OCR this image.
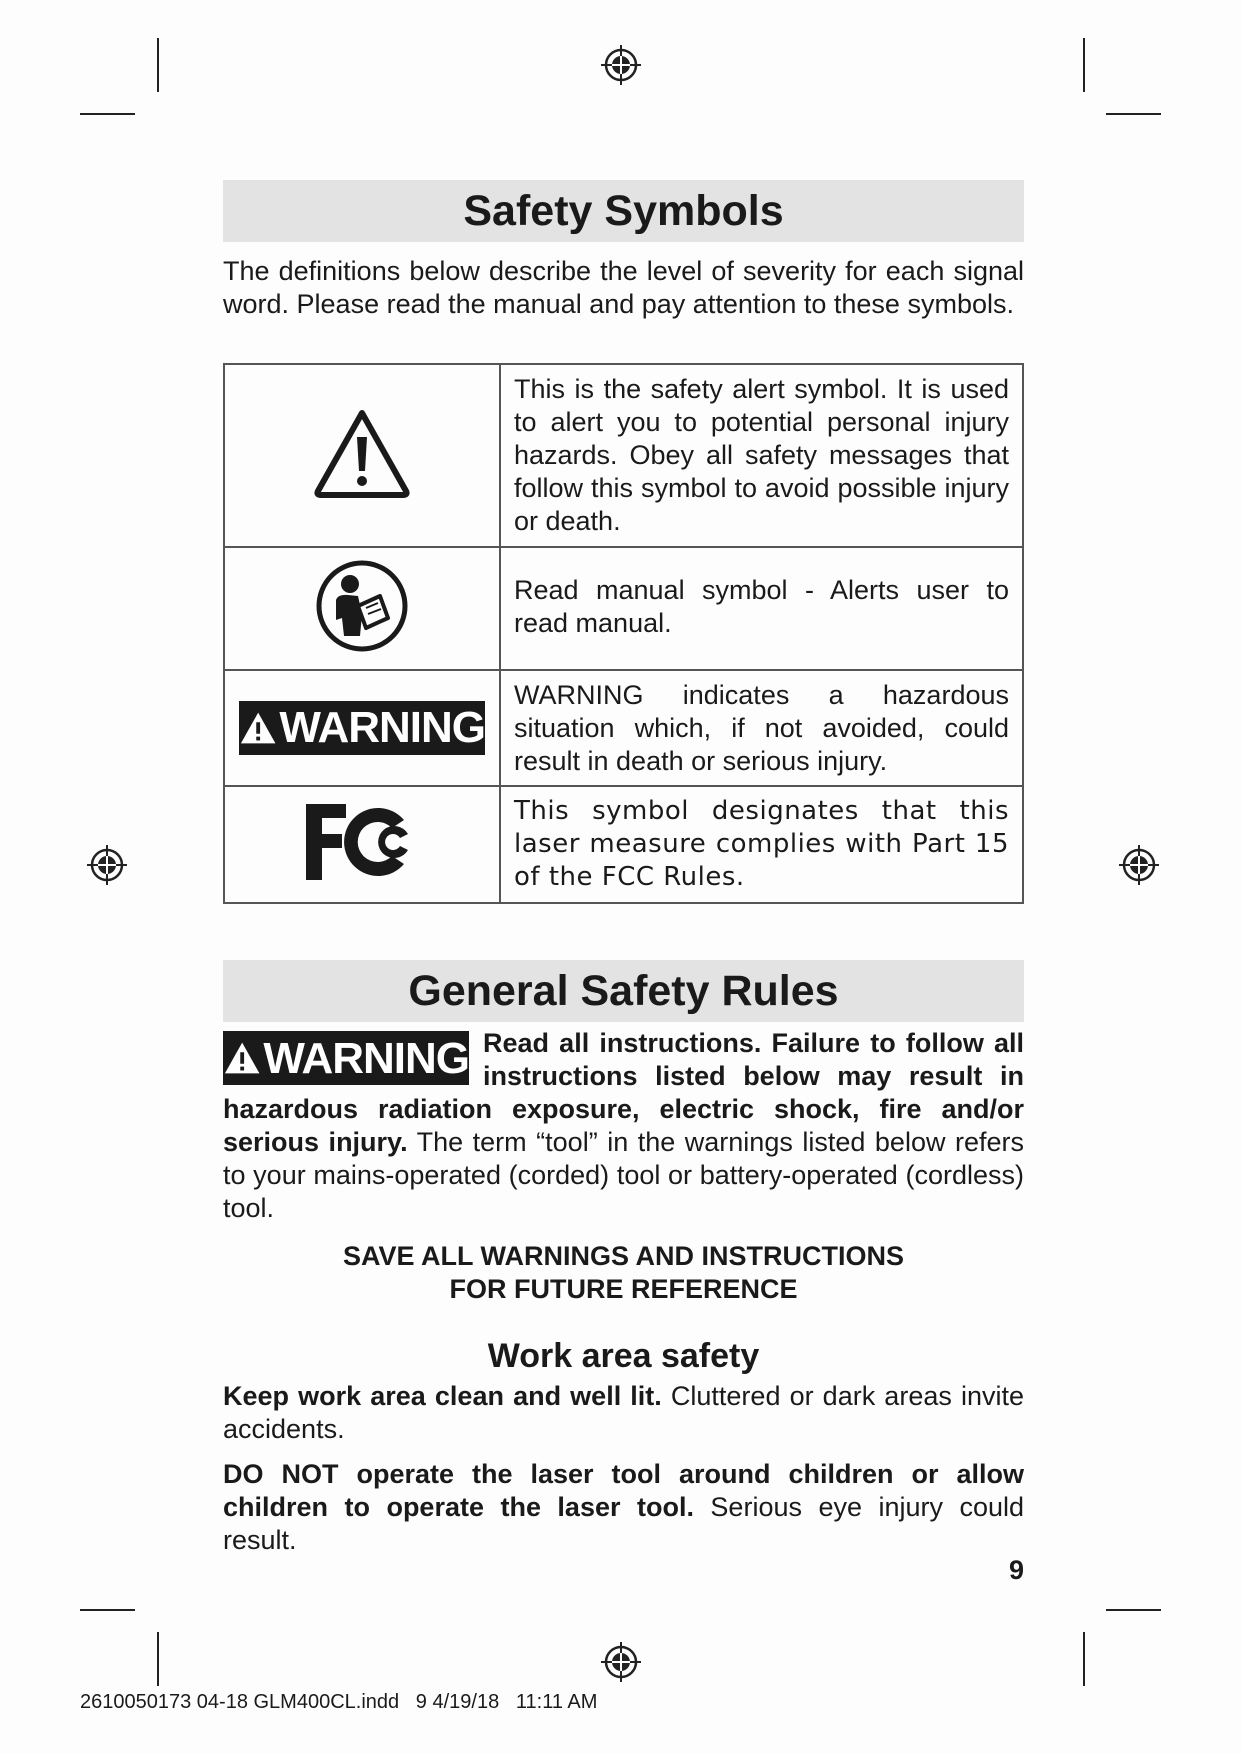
Safety Symbols
The definitions below describe the level of severity for each signal word. Please read the manual and pay attention to these symbols.
	This is the safety alert symbol. It is used to alert you to potential personal injury hazards. Obey all safety messages that follow this symbol to avoid possible injury or death.
	Read manual symbol - Alerts user to read manual.

WARNING	WARNING indicates a hazardous situation which, if not avoided, could result in death or serious injury.
	This symbol designates that this laser measure complies with Part 15 of the FCC Rules.
General Safety Rules
WARNING Read all instructions. Failure to follow all instructions listed below may result in hazardous radiation exposure, electric shock, fire and/or serious injury. The term “tool” in the warnings listed below refers to your mains-operated (corded) tool or battery-operated (cordless) tool.
SAVE ALL WARNINGS AND INSTRUCTIONS
FOR FUTURE REFERENCE
Work area safety
Keep work area clean and well lit. Cluttered or dark areas invite accidents.
DO NOT operate the laser tool around children or allow children to operate the laser tool. Serious eye injury could result.
9
2610050173 04-18 GLM400CL.indd   9 4/19/18   11:11 AM
